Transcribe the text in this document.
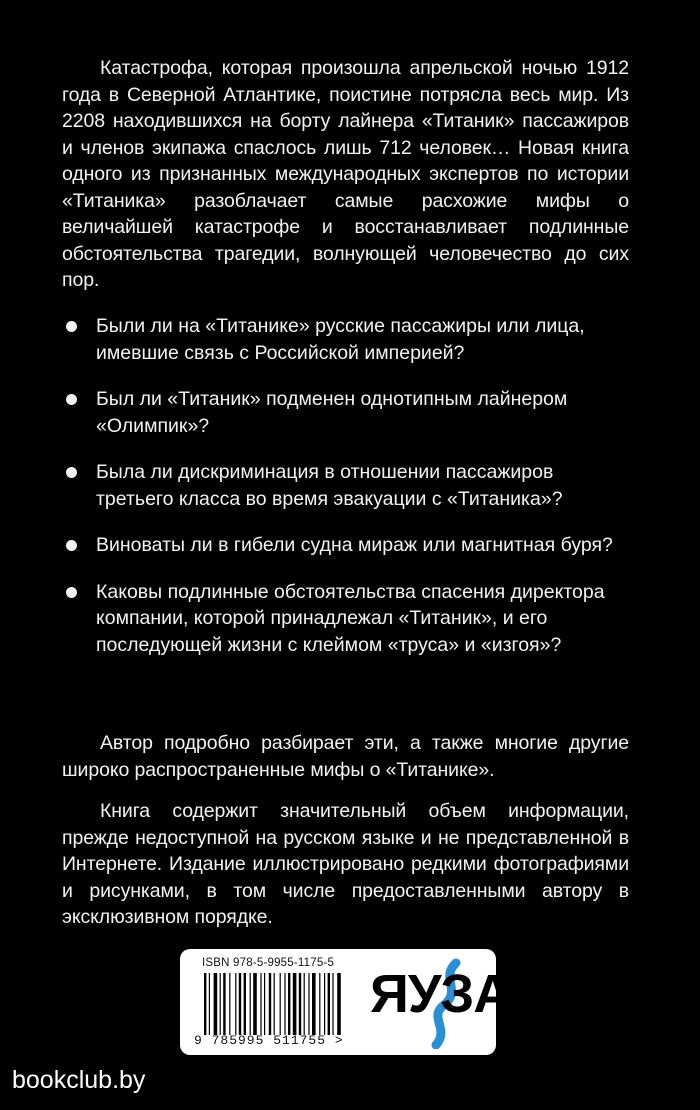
Катастрофа, которая произошла апрельской ночью 1912 года в Северной Атлантике, поистине потрясла весь мир. Из 2208 находившихся на борту лайнера «Титаник» пассажиров и членов экипажа спаслось лишь 712 человек… Новая книга одного из признанных международных экспертов по истории «Титаника» разоблачает самые расхожие мифы о величайшей катастрофе и восстанавливает подлинные обстоятельства трагедии, волнующей человечество до сих пор.

Были ли на «Титанике» русские пассажиры или лица, имевшие связь с Российской империей?
Был ли «Титаник» подменен однотипным лайнером «Олимпик»?
Была ли дискриминация в отношении пассажиров третьего класса во время эвакуации с «Титаника»?
Виноваты ли в гибели судна мираж или магнитная буря?
Каковы подлинные обстоятельства спасения директора компании, которой принадлежал «Титаник», и его последующей жизни с клеймом «труса» и «изгоя»?

Автор подробно разбирает эти, а также многие другие широко распространенные мифы о «Титанике».

Книга содержит значительный объем информации, прежде недоступной на русском языке и не представленной в Интернете. Издание иллюстрировано редкими фотографиями и рисунками, в том числе предоставленными автору в эксклюзивном порядке.

ISBN 978-5-9955-1175-5
9 785995 511755 >
ЯУЗА
bookclub.by
